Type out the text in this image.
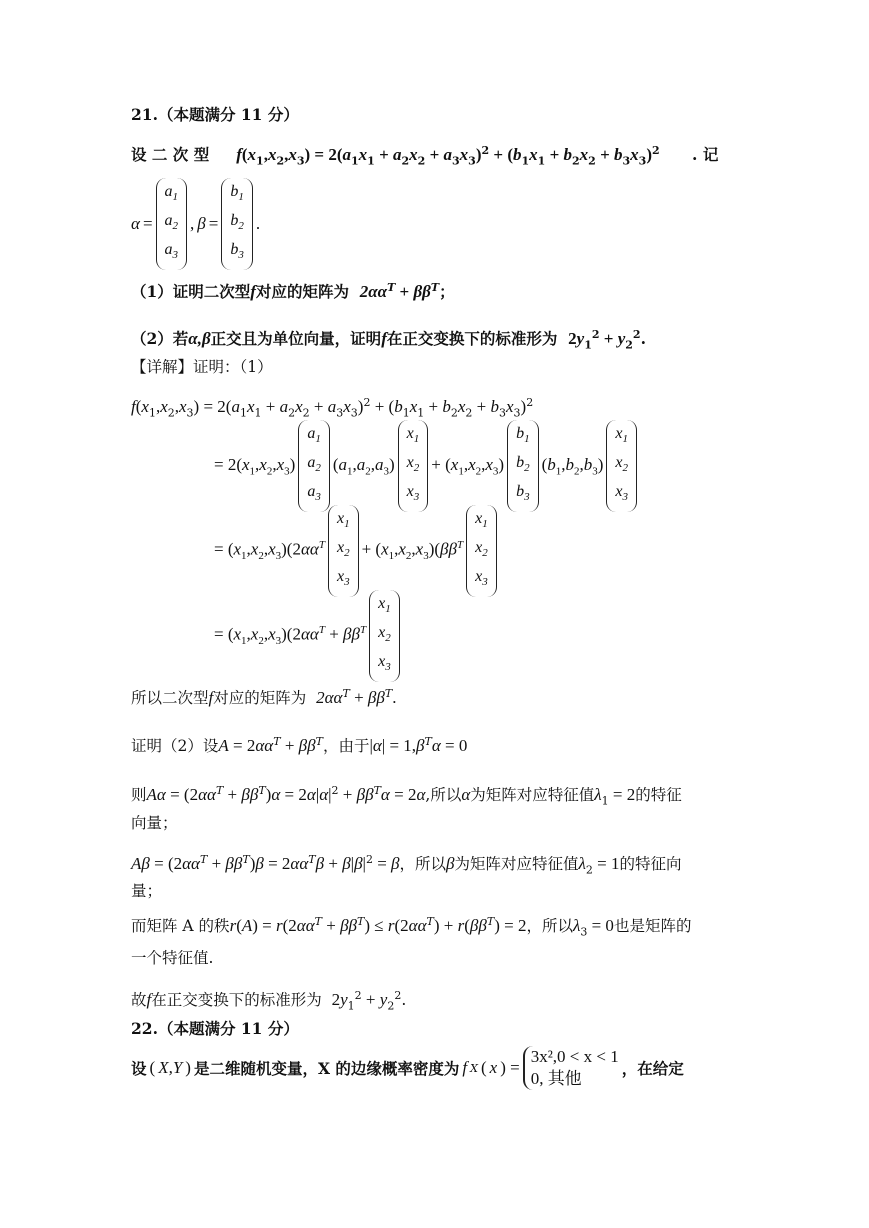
21.（本题满分 11 分）
设 二 次 型 $f(x_1,x_2,x_3) = 2(a_1x_1 + a_2x_2 + a_3x_3)^2 + (b_1x_1 + b_2x_2 + b_3x_3)^2$ . 记
α =
$a_1$
$a_2$
$a_3$
, β =
$b_1$
$b_2$
$b_3$
.
（1）证明二次型f对应的矩阵为 $2\alpha\alpha^T + \beta\beta^T$；
（2）若α,β正交且为单位向量，证明f在正交变换下的标准形为 $2y_1^2 + y_2^2$.
【详解】证明：（1）
$f(x_1,x_2,x_3) = 2(a_1x_1 + a_2x_2 + a_3x_3)^2 + (b_1x_1 + b_2x_2 + b_3x_3)^2$
= $2(x_1,x_2,x_3)$
$a_1$
$a_2$
$a_3$
$(a_1,a_2,a_3)$
$x_1$
$x_2$
$x_3$
+ $(x_1,x_2,x_3)$
$b_1$
$b_2$
$b_3$
$(b_1,b_2,b_3)$
$x_1$
$x_2$
$x_3$
= $(x_1,x_2,x_3)(2\alpha\alpha^T$
$x_1$
$x_2$
$x_3$
+ $(x_1,x_2,x_3)(\beta\beta^T$
$x_1$
$x_2$
$x_3$
= $(x_1,x_2,x_3)(2\alpha\alpha^T + \beta\beta^T$
$x_1$
$x_2$
$x_3$
所以二次型f对应的矩阵为 $2\alpha\alpha^T + \beta\beta^T$.
证明（2）设$A = 2\alpha\alpha^T + \beta\beta^T$，由于$|\alpha| = 1,\beta^T\alpha = 0$
则$A\alpha = (2\alpha\alpha^T + \beta\beta^T)\alpha = 2\alpha|\alpha|^2 + \beta\beta^T\alpha = 2\alpha$,所以α为矩阵对应特征值$\lambda_1 = 2$的特征
向量；
$A\beta = (2\alpha\alpha^T + \beta\beta^T)\beta = 2\alpha\alpha^T\beta + \beta|\beta|^2 = \beta$，所以β为矩阵对应特征值$\lambda_2 = 1$的特征向
量；
而矩阵 A 的秩$r(A) = r(2\alpha\alpha^T + \beta\beta^T) \le r(2\alpha\alpha^T) + r(\beta\beta^T) = 2$，所以$\lambda_3 = 0$也是矩阵的
一个特征值.
故f在正交变换下的标准形为 $2y_1^2 + y_2^2$.
22.（本题满分 11 分）
设 ( X,Y ) 是二维随机变量，X 的边缘概率密度为 f X ( x ) =
3x²,0 < x < 1
0, 其他
，在给定
